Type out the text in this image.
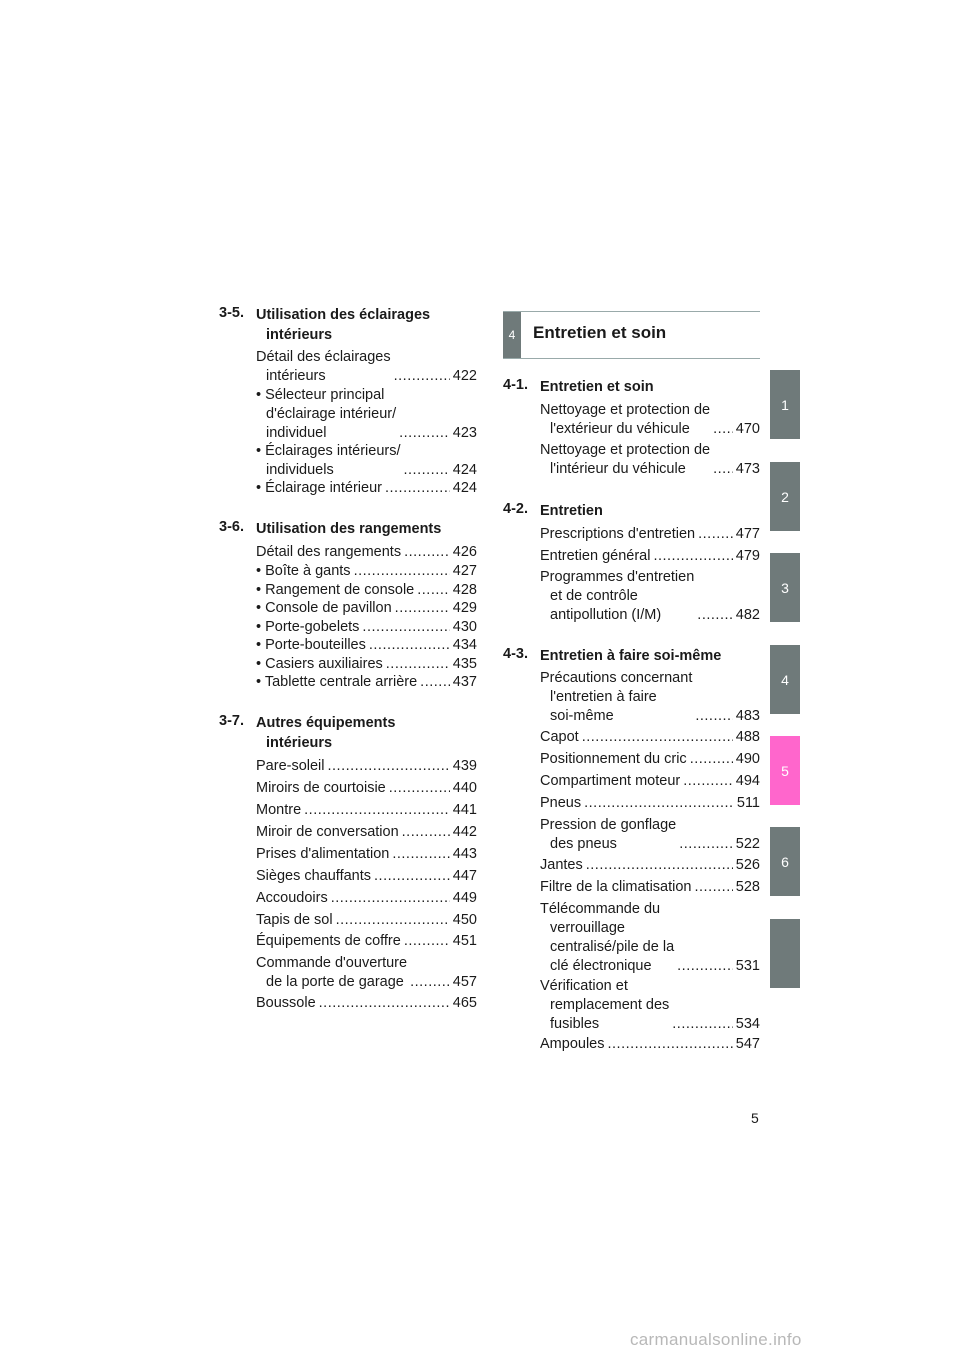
3-5. Utilisation des éclairages
intérieurs
Détail des éclairages
intérieurs .....	422
• Sélecteur principal
d'éclairage intérieur/
individuel .....	423
• Éclairages intérieurs/
individuels .....	424
• Éclairage intérieur .....	424
3-6. Utilisation des rangements
Détail des rangements .....	426
• Boîte à gants .....	427
• Rangement de console .....	428
• Console de pavillon .....	429
• Porte-gobelets .....	430
• Porte-bouteilles .....	434
• Casiers auxiliaires .....	435
• Tablette centrale arrière ..... 437
3-7. Autres équipements
intérieurs
Pare-soleil .....	439
Miroirs de courtoisie .....	440
Montre .....	441
Miroir de conversation .....	442
Prises d'alimentation .....	443
Sièges chauffants .....	447
Accoudoirs .....	449
Tapis de sol .....	450
Équipements de coffre .....	451
Commande d'ouverture
de la porte de garage .....	457
Boussole .....	465
4	Entretien et soin
4-1. Entretien et soin
Nettoyage et protection de
l'extérieur du véhicule .....	470
Nettoyage et protection de
l'intérieur du véhicule .....	473
4-2. Entretien
Prescriptions d'entretien .....	477
Entretien général .....	479
Programmes d'entretien
et de contrôle
antipollution (I/M) .....	482
4-3. Entretien à faire soi-même
Précautions concernant
l'entretien à faire
soi-même .....	483
Capot .....	488
Positionnement du cric .....	490
Compartiment moteur .....	494
Pneus .....	511
Pression de gonflage
des pneus .....	522
Jantes .....	526
Filtre de la climatisation .....	528
Télécommande du
verrouillage
centralisé/pile de la
clé électronique .....	531
Vérification et
remplacement des
fusibles .....	534
Ampoules .....	547
1
2
3
4
5
6
5
carmanualsonline.info
